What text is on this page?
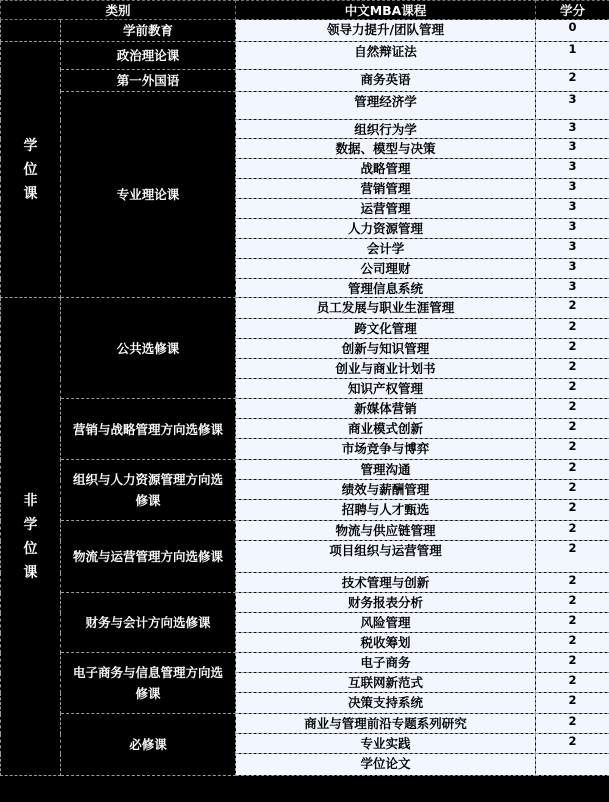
类别		中文MBA课程	学分
	学前教育	领导力提升/团队管理	0
学位课	政治理论课	自然辩证法	1
	第一外国语	商务英语	2
	专业理论课	管理经济学	3
		组织行为学	3
		数据、模型与决策	3
		战略管理	3
		营销管理	3
		运营管理	3
		人力资源管理	3
		会计学	3
		公司理财	3
		管理信息系统	3
非学位课	公共选修课	员工发展与职业生涯管理	2
		跨文化管理	2
		创新与知识管理	2
		创业与商业计划书	2
		知识产权管理	2
	营销与战略管理方向选修课	新媒体营销	2
		商业模式创新	2
		市场竞争与博弈	2
	组织与人力资源管理方向选修课	管理沟通	2
		绩效与薪酬管理	2
		招聘与人才甄选	2
	物流与运营管理方向选修课	物流与供应链管理	2
		项目组织与运营管理	2
		技术管理与创新	2
	财务与会计方向选修课	财务报表分析	2
		风险管理	2
		税收筹划	2
	电子商务与信息管理方向选修课	电子商务	2
		互联网新范式	2
		决策支持系统	2
	必修课	商业与管理前沿专题系列研究	2
		专业实践	2
		学位论文	
